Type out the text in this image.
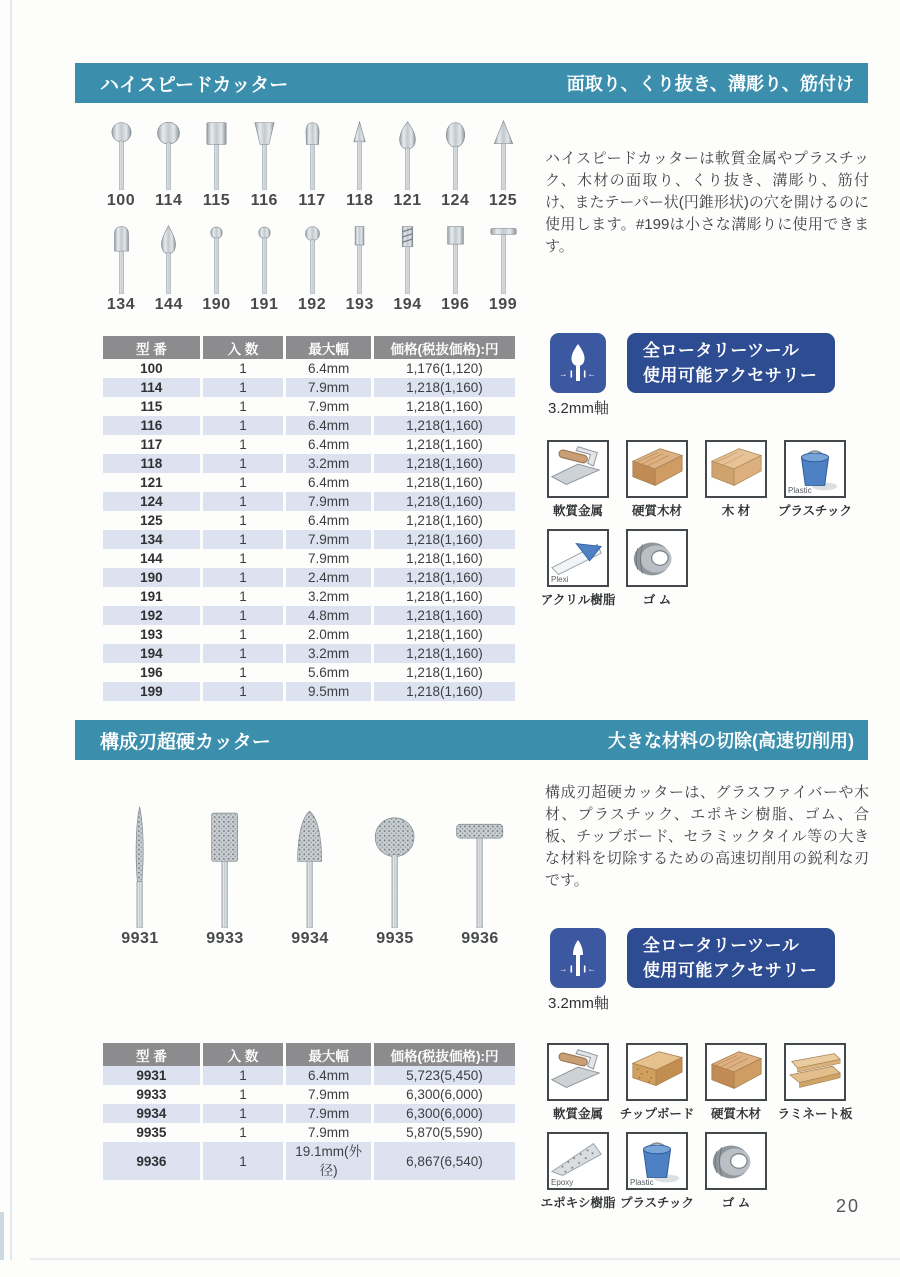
ハイスピードカッター	面取り、くり抜き、溝彫り、筋付け
100 114 115 116 117 118 121 124 125
134 144 190 191 192 193 194 196 199
型 番	入 数	最大幅	価格(税抜価格):円
100	1	6.4mm	1,176(1,120)
114	1	7.9mm	1,218(1,160)
115	1	7.9mm	1,218(1,160)
116	1	6.4mm	1,218(1,160)
117	1	6.4mm	1,218(1,160)
118	1	3.2mm	1,218(1,160)
121	1	6.4mm	1,218(1,160)
124	1	7.9mm	1,218(1,160)
125	1	6.4mm	1,218(1,160)
134	1	7.9mm	1,218(1,160)
144	1	7.9mm	1,218(1,160)
190	1	2.4mm	1,218(1,160)
191	1	3.2mm	1,218(1,160)
192	1	4.8mm	1,218(1,160)
193	1	2.0mm	1,218(1,160)
194	1	3.2mm	1,218(1,160)
196	1	5.6mm	1,218(1,160)
199	1	9.5mm	1,218(1,160)
ハイスピードカッターは軟質金属やプラスチック、木材の面取り、くり抜き、溝彫り、筋付け、またテーパー状(円錐形状)の穴を開けるのに使用します。#199は小さな溝彫りに使用できます。
→ ←
3.2mm軸
全ロータリーツール
使用可能アクセサリー
軟質金属 硬質木材	木 材
Plastic
プラスチック
Plexi
アクリル樹脂 ゴ ム
構成刃超硬カッター	大きな材料の切除(高速切削用)
9931	9933	9934	9935	9936
型 番	入 数	最大幅	価格(税抜価格):円
9931	1	6.4mm	5,723(5,450)
9933	1	7.9mm	6,300(6,000)
9934	1	7.9mm	6,300(6,000)
9935	1	7.9mm	5,870(5,590)
9936	1	19.1mm(外径)	6,867(6,540)
構成刃超硬カッターは、グラスファイバーや木材、プラスチック、エポキシ樹脂、ゴム、合板、チップボード、セラミックタイル等の大きな材料を切除するための高速切削用の鋭利な刃です。
→ ←
3.2mm軸
全ロータリーツール
使用可能アクセサリー
軟質金属 チップボード 硬質木材 ラミネート板
Epoxy
エポキシ樹脂
Plastic
プラスチック ゴ ム	20
